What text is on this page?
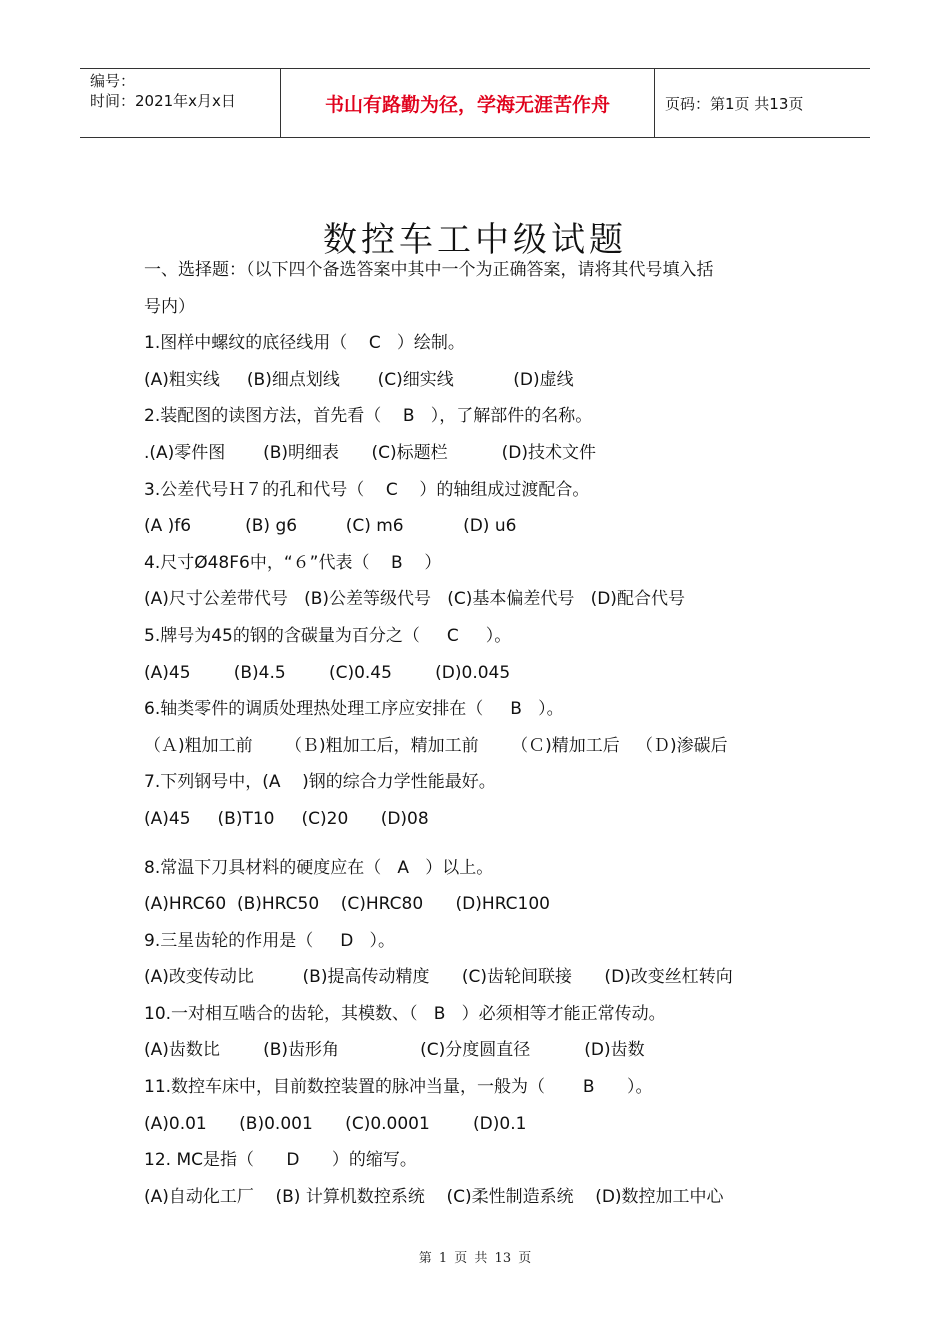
编号：
时间：2021年x月x日	书山有路勤为径，学海无涯苦作舟	页码：第1页 共13页
数控车工中级试题
一、选择题：（以下四个备选答案中其中一个为正确答案，请将其代号填入括
号内）
1.图样中螺纹的底径线用（    C   ）绘制。
(A)粗实线     (B)细点划线       (C)细实线           (D)虚线
2.装配图的读图方法，首先看（    B   ），了解部件的名称。
.(A)零件图       (B)明细表      (C)标题栏          (D)技术文件
3.公差代号Ｈ７的孔和代号（    C    ）的轴组成过渡配合。
(A )f6          (B) g6         (C) m6           (D) u6
4.尺寸Ø48F6中，“６”代表（    B    ）
(A)尺寸公差带代号   (B)公差等级代号   (C)基本偏差代号   (D)配合代号
5.牌号为45的钢的含碳量为百分之（     C     ）。
(A)45        (B)4.5        (C)0.45        (D)0.045
6.轴类零件的调质处理热处理工序应安排在（     B   ）。
（Ａ)粗加工前      （Ｂ)粗加工后，精加工前      （Ｃ)精加工后   （Ｄ)渗碳后
7.下列钢号中，(A    )钢的综合力学性能最好。
(A)45     (B)T10     (C)20      (D)08
8.常温下刀具材料的硬度应在（   A   ）以上。
(A)HRC60  (B)HRC50    (C)HRC80      (D)HRC100
9.三星齿轮的作用是（     D   ）。
(A)改变传动比         (B)提高传动精度      (C)齿轮间联接      (D)改变丝杠转向
10.一对相互啮合的齿轮，其模数、（   B   ）必须相等才能正常传动。
(A)齿数比        (B)齿形角               (C)分度圆直径          (D)齿数
11.数控车床中，目前数控装置的脉冲当量，一般为（       B      ）。
(A)0.01      (B)0.001      (C)0.0001        (D)0.1
12. MC是指（      D      ）的缩写。
(A)自动化工厂    (B) 计算机数控系统    (C)柔性制造系统    (D)数控加工中心
第 1 页 共 13 页
